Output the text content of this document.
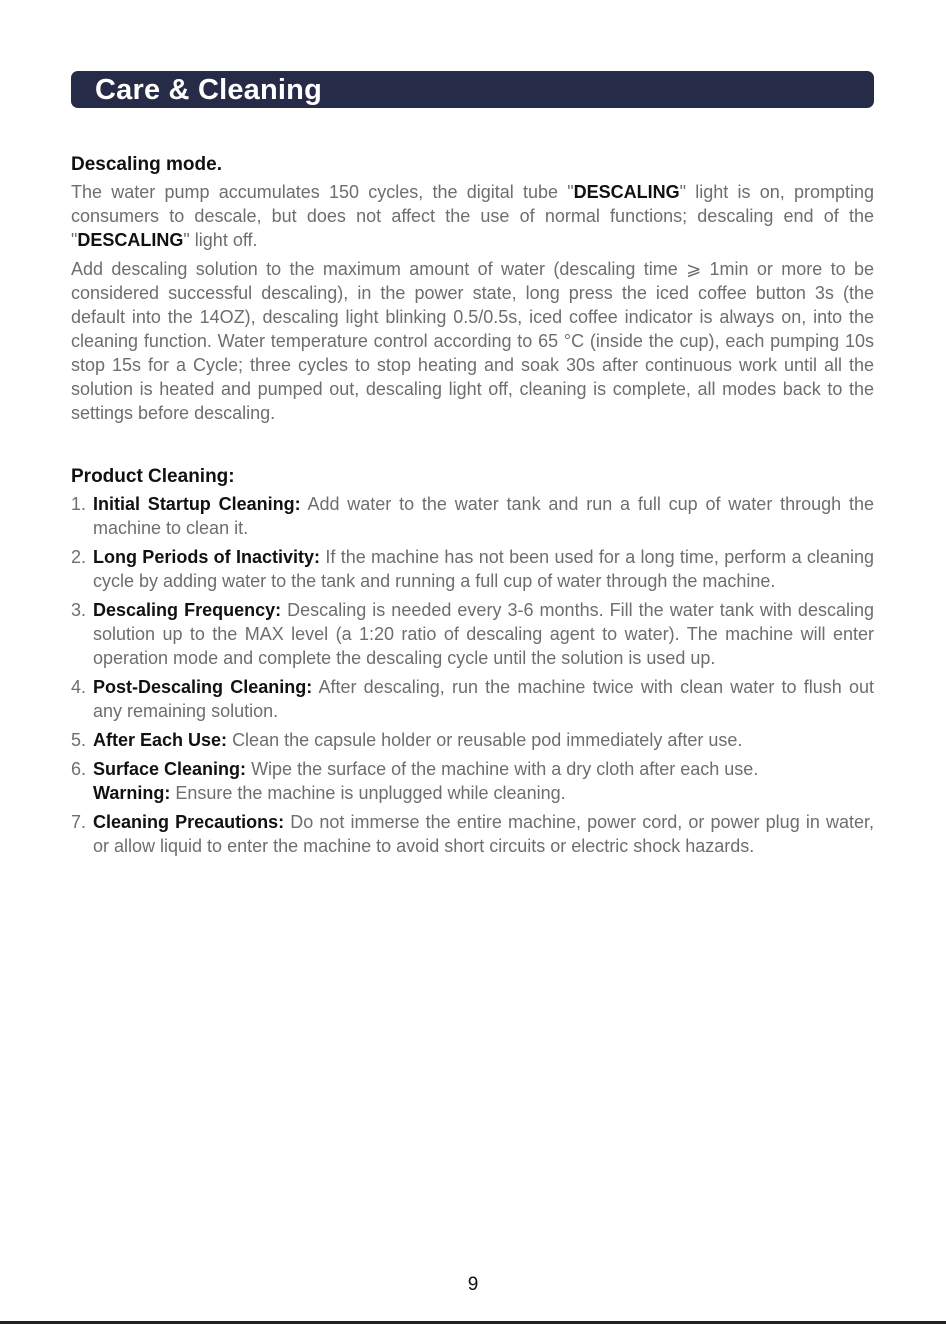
Care & Cleaning
Descaling mode.

The water pump accumulates 150 cycles, the digital tube "DESCALING" light is on, prompting consumers to descale, but does not affect the use of normal functions; descaling end of the "DESCALING" light off.

Add descaling solution to the maximum amount of water (descaling time ⩾ 1min or more to be considered successful descaling), in the power state, long press the iced coffee button 3s (the default into the 14OZ), descaling light blinking 0.5/0.5s, iced coffee indicator is always on, into the cleaning function. Water temperature control according to 65 °C (inside the cup), each pumping 10s stop 15s for a Cycle; three cycles to stop heating and soak 30s after continuous work until all the solution is heated and pumped out, descaling light off, cleaning is complete, all modes back to the settings before descaling.

Product Cleaning:
1. Initial Startup Cleaning: Add water to the water tank and run a full cup of water through the machine to clean it.
2. Long Periods of Inactivity: If the machine has not been used for a long time, perform a cleaning cycle by adding water to the tank and running a full cup of water through the machine.
3. Descaling Frequency: Descaling is needed every 3-6 months. Fill the water tank with descaling solution up to the MAX level (a 1:20 ratio of descaling agent to water). The machine will enter operation mode and complete the descaling cycle until the solution is used up.
4. Post-Descaling Cleaning: After descaling, run the machine twice with clean water to flush out any remaining solution.
5. After Each Use: Clean the capsule holder or reusable pod immediately after use.
6. Surface Cleaning: Wipe the surface of the machine with a dry cloth after each use.
Warning: Ensure the machine is unplugged while cleaning.
7. Cleaning Precautions: Do not immerse the entire machine, power cord, or power plug in water, or allow liquid to enter the machine to avoid short circuits or electric shock hazards.
9
